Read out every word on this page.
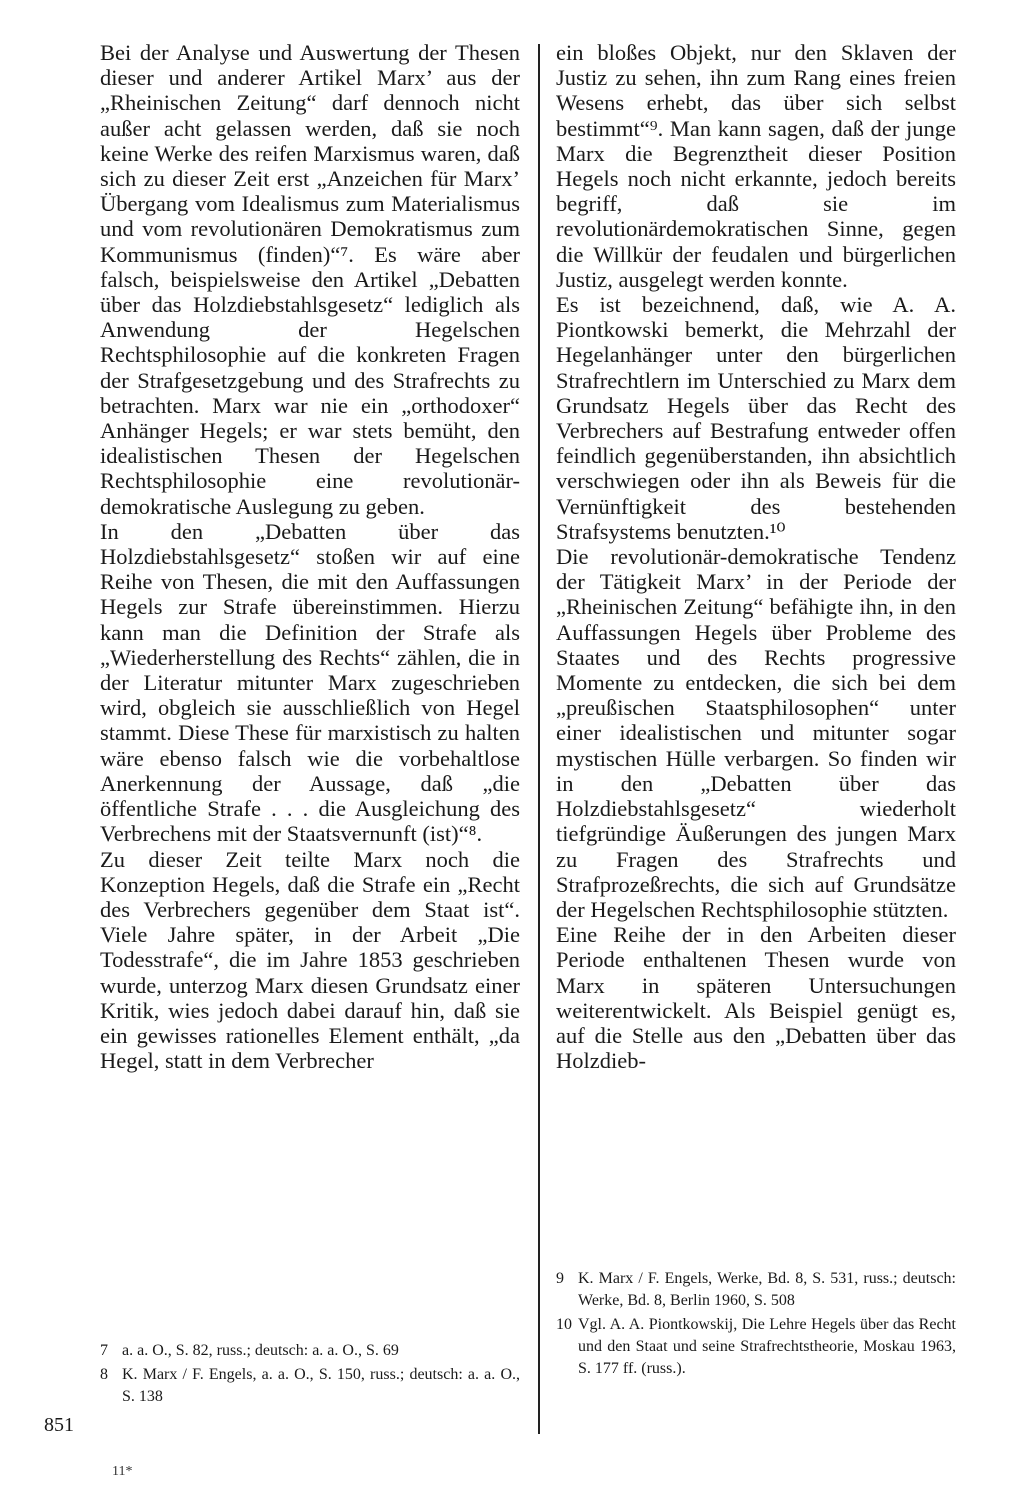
Bei der Analyse und Auswertung der Thesen dieser und anderer Artikel Marx’ aus der „Rheinischen Zeitung“ darf dennoch nicht außer acht gelassen werden, daß sie noch keine Werke des reifen Marxismus waren, daß sich zu dieser Zeit erst „Anzeichen für Marx’ Übergang vom Idealismus zum Materialismus und vom revolutionären Demokratismus zum Kommunismus (finden)“⁷. Es wäre aber falsch, beispielsweise den Artikel „Debatten über das Holzdiebstahlsgesetz“ lediglich als Anwendung der Hegelschen Rechtsphilosophie auf die konkreten Fragen der Strafgesetzgebung und des Strafrechts zu betrachten. Marx war nie ein „orthodoxer“ Anhänger Hegels; er war stets bemüht, den idealistischen Thesen der Hegelschen Rechtsphilosophie eine revolutionär-demokratische Auslegung zu geben.

In den „Debatten über das Holzdiebstahlsgesetz“ stoßen wir auf eine Reihe von Thesen, die mit den Auffassungen Hegels zur Strafe übereinstimmen. Hierzu kann man die Definition der Strafe als „Wiederherstellung des Rechts“ zählen, die in der Literatur mitunter Marx zugeschrieben wird, obgleich sie ausschließlich von Hegel stammt. Diese These für marxistisch zu halten wäre ebenso falsch wie die vorbehaltlose Anerkennung der Aussage, daß „die öffentliche Strafe . . . die Ausgleichung des Verbrechens mit der Staatsvernunft (ist)“⁸.

Zu dieser Zeit teilte Marx noch die Konzeption Hegels, daß die Strafe ein „Recht des Verbrechers gegenüber dem Staat ist“. Viele Jahre später, in der Arbeit „Die Todesstrafe“, die im Jahre 1853 geschrieben wurde, unterzog Marx diesen Grundsatz einer Kritik, wies jedoch dabei darauf hin, daß sie ein gewisses rationelles Element enthält, „da Hegel, statt in dem Verbrecher

ein bloßes Objekt, nur den Sklaven der Justiz zu sehen, ihn zum Rang eines freien Wesens erhebt, das über sich selbst bestimmt“⁹. Man kann sagen, daß der junge Marx die Begrenztheit dieser Position Hegels noch nicht erkannte, jedoch bereits begriff, daß sie im revolutionärdemokratischen Sinne, gegen die Willkür der feudalen und bürgerlichen Justiz, ausgelegt werden konnte.

Es ist bezeichnend, daß, wie A. A. Piontkowski bemerkt, die Mehrzahl der Hegelanhänger unter den bürgerlichen Strafrechtlern im Unterschied zu Marx dem Grundsatz Hegels über das Recht des Verbrechers auf Bestrafung entweder offen feindlich gegenüberstanden, ihn absichtlich verschwiegen oder ihn als Beweis für die Vernünftigkeit des bestehenden Strafsystems benutzten.¹⁰

Die revolutionär-demokratische Tendenz der Tätigkeit Marx’ in der Periode der „Rheinischen Zeitung“ befähigte ihn, in den Auffassungen Hegels über Probleme des Staates und des Rechts progressive Momente zu entdecken, die sich bei dem „preußischen Staatsphilosophen“ unter einer idealistischen und mitunter sogar mystischen Hülle verbargen. So finden wir in den „Debatten über das Holzdiebstahlsgesetz“ wiederholt tiefgründige Äußerungen des jungen Marx zu Fragen des Strafrechts und Strafprozeßrechts, die sich auf Grundsätze der Hegelschen Rechtsphilosophie stützten.

Eine Reihe der in den Arbeiten dieser Periode enthaltenen Thesen wurde von Marx in späteren Untersuchungen weiterentwickelt. Als Beispiel genügt es, auf die Stelle aus den „Debatten über das Holzdieb-

7 a. a. O., S. 82, russ.; deutsch: a. a. O., S. 69

8 K. Marx / F. Engels, a. a. O., S. 150, russ.; deutsch: a. a. O., S. 138

9 K. Marx / F. Engels, Werke, Bd. 8, S. 531, russ.; deutsch: Werke, Bd. 8, Berlin 1960, S. 508

10 Vgl. A. A. Piontkowskij, Die Lehre Hegels über das Recht und den Staat und seine Strafrechtstheorie, Moskau 1963, S. 177 ff. (russ.).

851
11*
